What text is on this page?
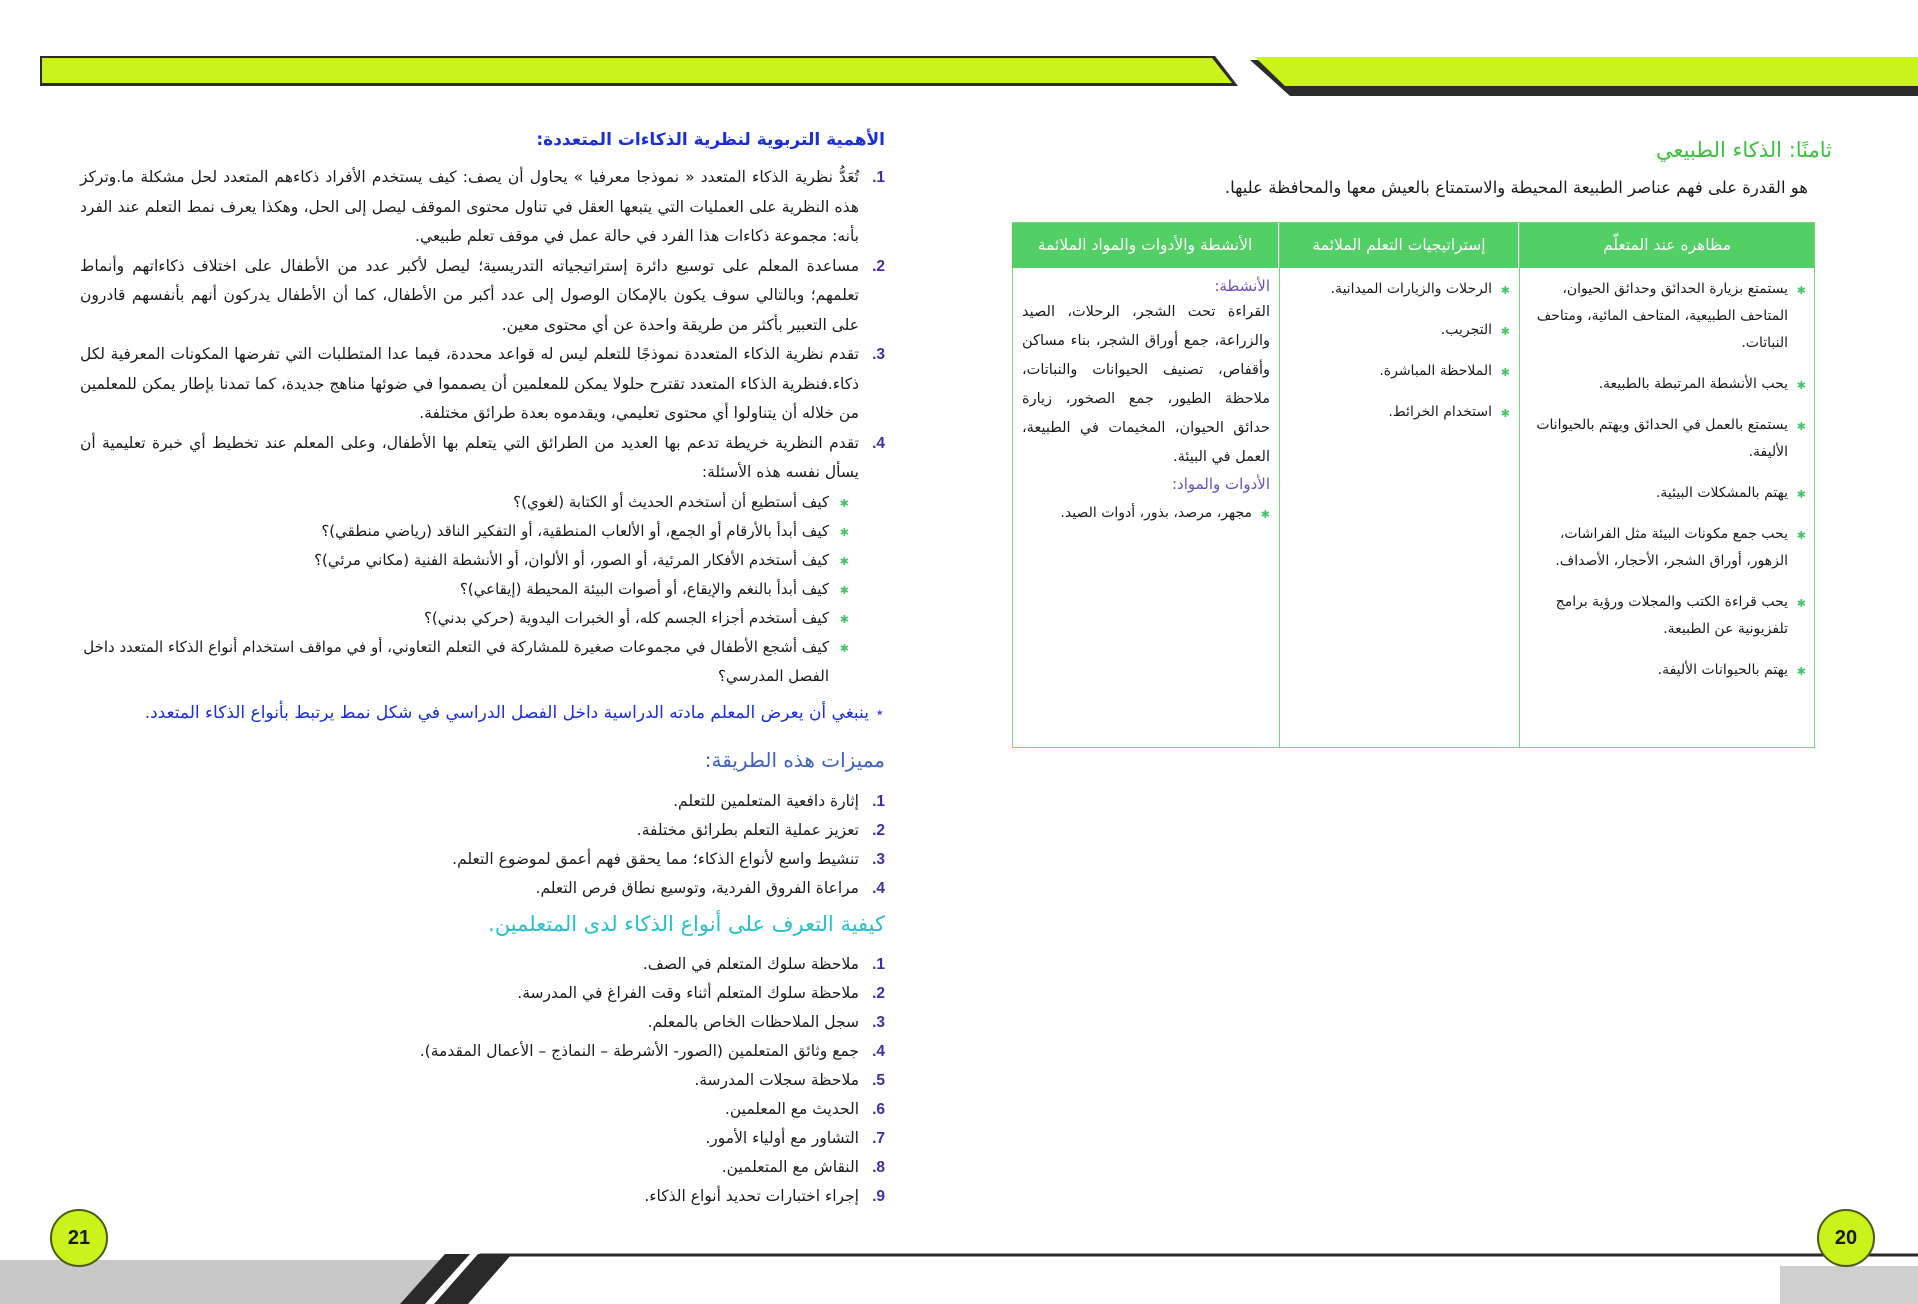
ثامنًا: الذكاء الطبيعي
هو القدرة على فهم عناصر الطبيعة المحيطة والاستمتاع بالعيش معها والمحافظة عليها.
مظاهره عند المتعلّم
إستراتيجيات التعلم الملائمة
الأنشطة والأدوات والمواد الملائمة
✱ يستمتع بزيارة الحدائق وحدائق الحيوان، المتاحف الطبيعية، المتاحف المائية، ومتاحف النباتات.
✱ يحب الأنشطة المرتبطة بالطبيعة.
✱ يستمتع بالعمل في الحدائق ويهتم بالحيوانات الأليفة.
✱ يهتم بالمشكلات البيئية.
✱ يحب جمع مكونات البيئة مثل الفراشات، الزهور، أوراق الشجر، الأحجار، الأصداف.
✱ يحب قراءة الكتب والمجلات ورؤية برامج تلفزيونية عن الطبيعة.
✱ يهتم بالحيوانات الأليفة.
✱ الرحلات والزيارات الميدانية.
✱ التجريب.
✱ الملاحظة المباشرة.
✱ استخدام الخرائط.
الأنشطة:
القراءة تحت الشجر، الرحلات، الصيد والزراعة، جمع أوراق الشجر، بناء مساكن وأقفاص، تصنيف الحيوانات والنباتات، ملاحظة الطيور، جمع الصخور، زيارة حدائق الحيوان، المخيمات في الطبيعة، العمل في البيئة.
الأدوات والمواد:
✱ مجهر، مرصد، بذور، أدوات الصيد.
الأهمية التربوية لنظرية الذكاءات المتعددة:
1.
تُعَدُّ نظرية الذكاء المتعدد « نموذجا معرفيا » يحاول أن يصف: كيف يستخدم الأفراد ذكاءهم المتعدد لحل مشكلة ما.وتركز هذه النظرية على العمليات التي يتبعها العقل في تناول محتوى الموقف ليصل إلى الحل، وهكذا يعرف نمط التعلم عند الفرد بأنه: مجموعة ذكاءات هذا الفرد في حالة عمل في موقف تعلم طبيعي.
2.
مساعدة المعلم على توسيع دائرة إستراتيجياته التدريسية؛ ليصل لأكبر عدد من الأطفال على اختلاف ذكاءاتهم وأنماط تعلمهم؛ وبالتالي سوف يكون بالإمكان الوصول إلى عدد أكبر من الأطفال، كما أن الأطفال يدركون أنهم بأنفسهم قادرون على التعبير بأكثر من طريقة واحدة عن أي محتوى معين.
3.
تقدم نظرية الذكاء المتعددة نموذجًا للتعلم ليس له قواعد محددة، فيما عدا المتطلبات التي تفرضها المكونات المعرفية لكل ذكاء.فنظرية الذكاء المتعدد تقترح حلولا يمكن للمعلمين أن يصمموا في ضوئها مناهج جديدة، كما تمدنا بإطار يمكن للمعلمين من خلاله أن يتناولوا أي محتوى تعليمي، ويقدموه بعدة طرائق مختلفة.
4.
تقدم النظرية خريطة تدعم بها العديد من الطرائق التي يتعلم بها الأطفال، وعلى المعلم عند تخطيط أي خبرة تعليمية أن يسأل نفسه هذه الأسئلة:
✱ كيف أستطيع أن أستخدم الحديث أو الكتابة (لغوي)؟
✱ كيف أبدأ بالأرقام أو الجمع، أو الألعاب المنطقية، أو التفكير الناقد (رياضي منطقي)؟
✱ كيف أستخدم الأفكار المرئية، أو الصور، أو الألوان، أو الأنشطة الفنية (مكاني مرئي)؟
✱ كيف أبدأ بالنغم والإيقاع، أو أصوات البيئة المحيطة (إيقاعي)؟
✱ كيف أستخدم أجزاء الجسم كله، أو الخبرات اليدوية (حركي بدني)؟
✱ كيف أشجع الأطفال في مجموعات صغيرة للمشاركة في التعلم التعاوني، أو في مواقف استخدام أنواع الذكاء المتعدد داخل الفصل المدرسي؟
⋆ ينبغي أن يعرض المعلم مادته الدراسية داخل الفصل الدراسي في شكل نمط يرتبط بأنواع الذكاء المتعدد.
مميزات هذه الطريقة:
1.
إثارة دافعية المتعلمين للتعلم.
2.
تعزيز عملية التعلم بطرائق مختلفة.
3.
تنشيط واسع لأنواع الذكاء؛ مما يحقق فهم أعمق لموضوع التعلم.
4.
مراعاة الفروق الفردية، وتوسيع نطاق فرص التعلم.
كيفية التعرف على أنواع الذكاء لدى المتعلمين.
1.
ملاحظة سلوك المتعلم في الصف.
2.
ملاحظة سلوك المتعلم أثناء وقت الفراغ في المدرسة.
3.
سجل الملاحظات الخاص بالمعلم.
4.
جمع وثائق المتعلمين (الصور- الأشرطة – النماذج – الأعمال المقدمة).
5.
ملاحظة سجلات المدرسة.
6.
الحديث مع المعلمين.
7.
التشاور مع أولياء الأمور.
8.
النقاش مع المتعلمين.
9.
إجراء اختبارات تحديد أنواع الذكاء.
21	20
